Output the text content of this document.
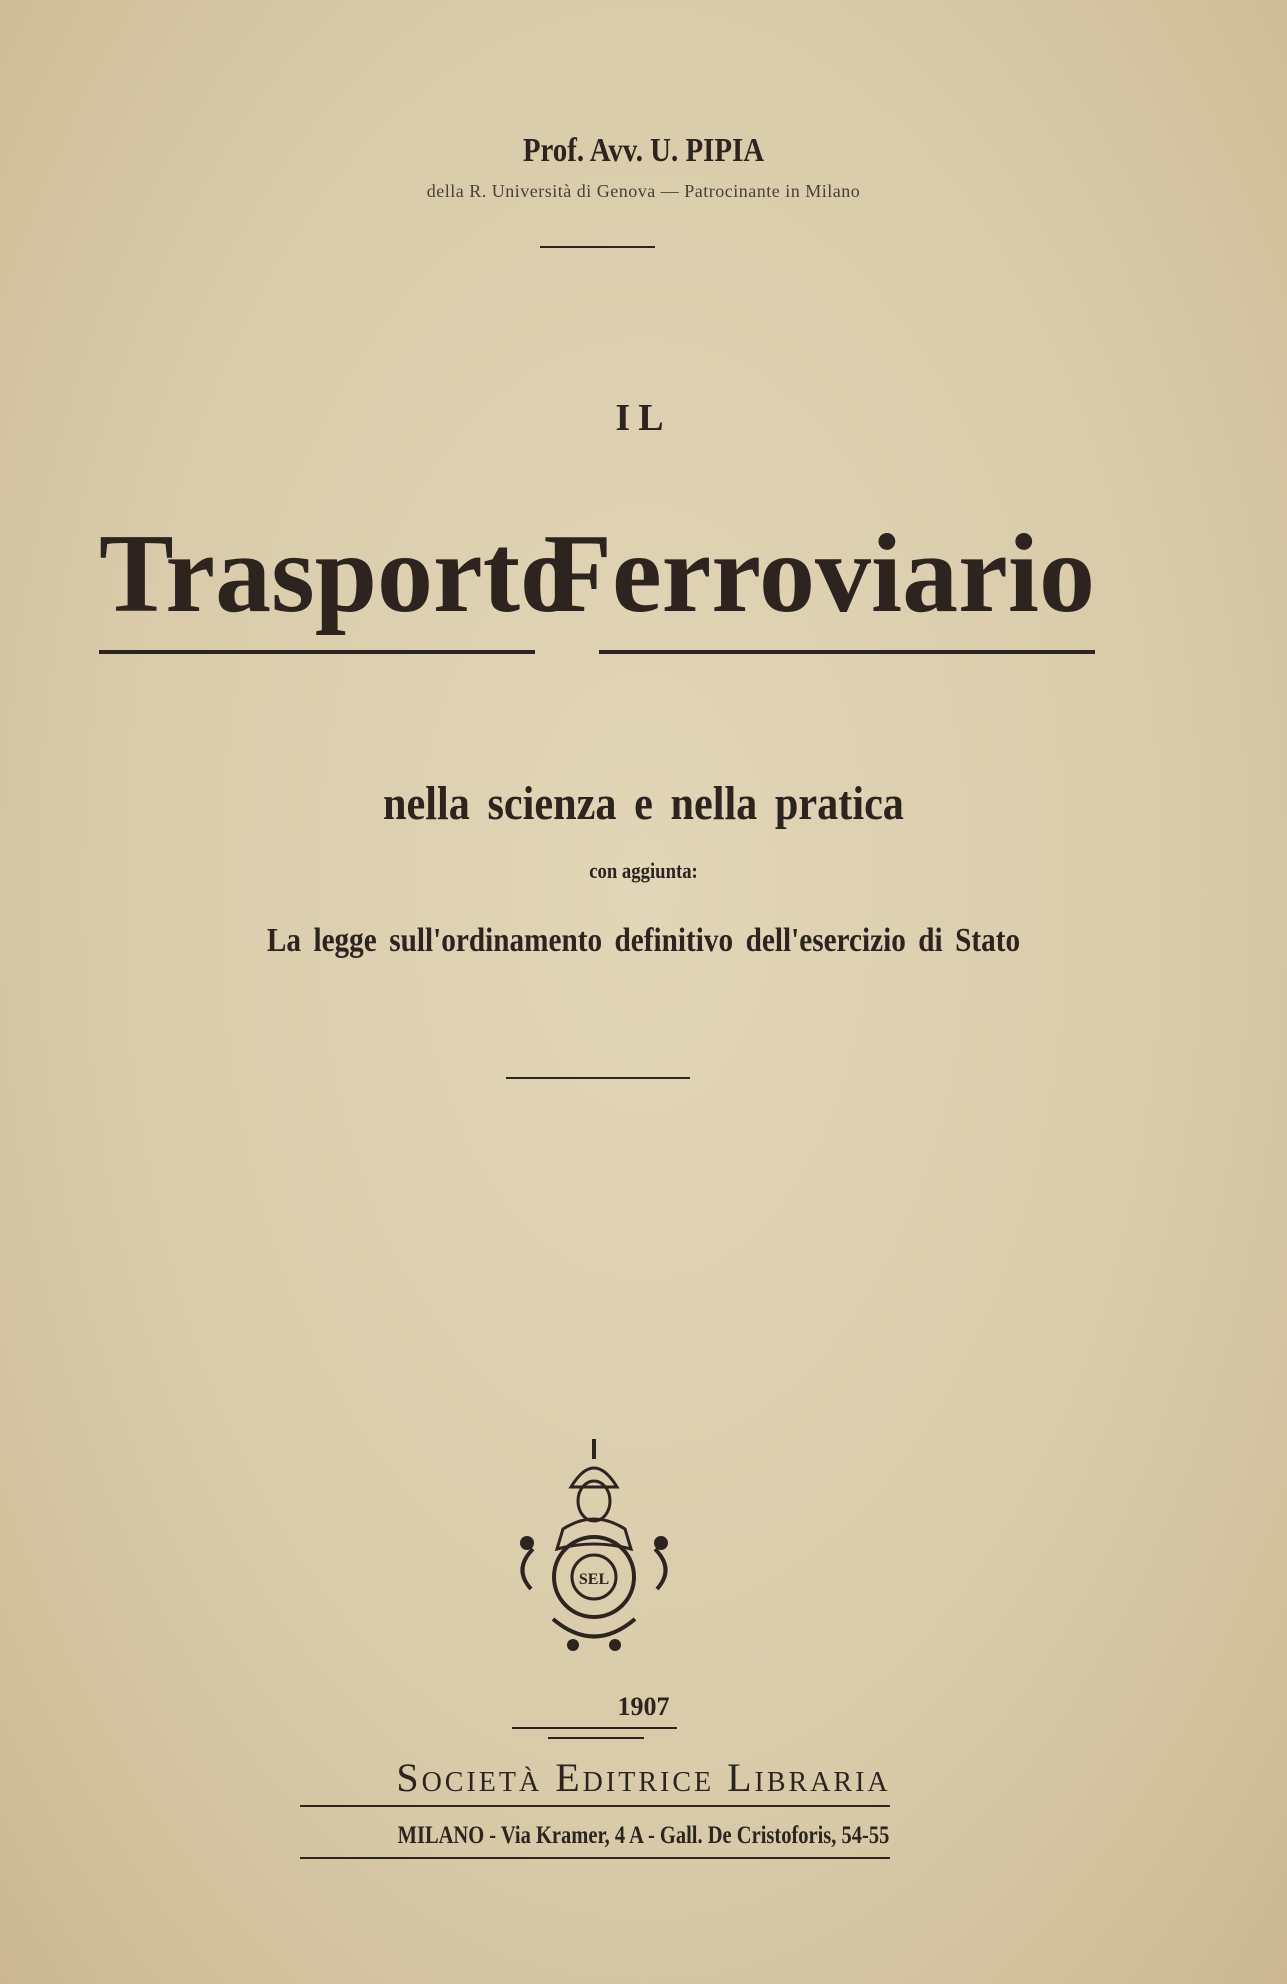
Prof. Avv. U. PIPIA
della R. Università di Genova — Patrocinante in Milano
IL
Trasporto
Ferroviario
nella scienza e nella pratica
con aggiunta:
La legge sull'ordinamento definitivo dell'esercizio di Stato
SEL
1907
Società Editrice Libraria
MILANO - Via Kramer, 4 A - Gall. De Cristoforis, 54-55
